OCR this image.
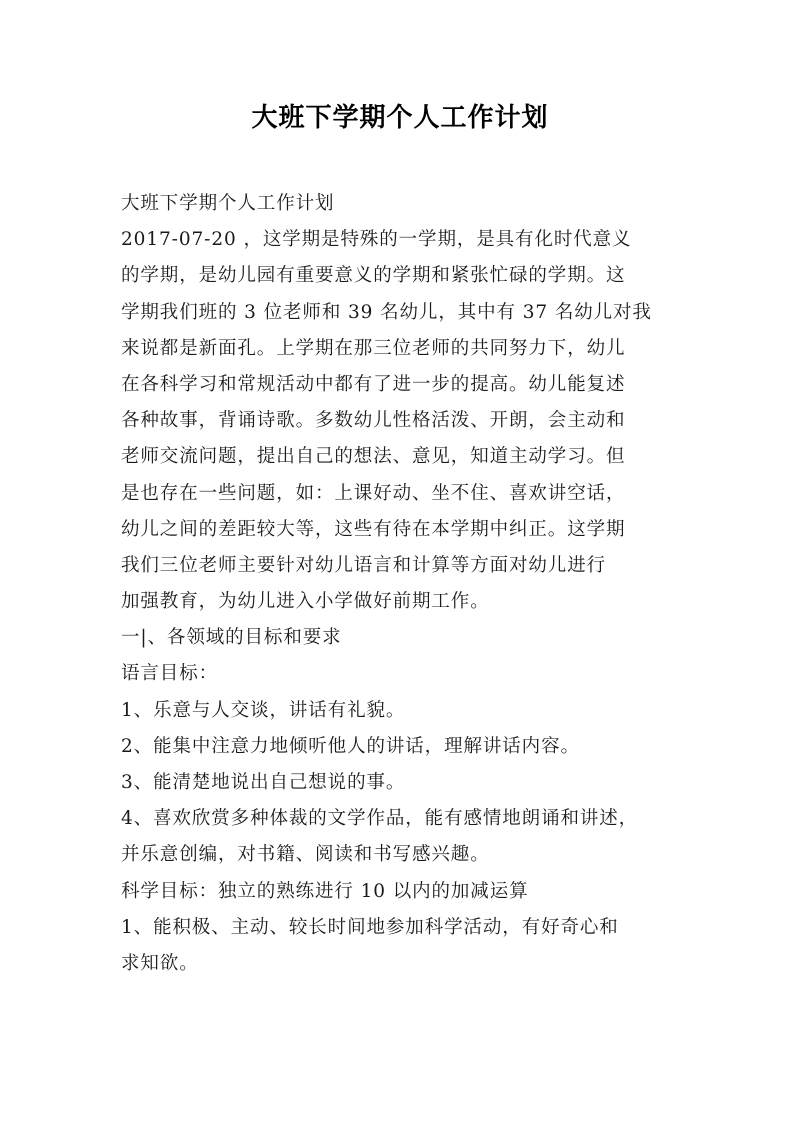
大班下学期个人工作计划

大班下学期个人工作计划

2017-07-20 ，这学期是特殊的一学期，是具有化时代意义

的学期，是幼儿园有重要意义的学期和紧张忙碌的学期。这

学期我们班的 3 位老师和 39 名幼儿，其中有 37 名幼儿对我

来说都是新面孔。上学期在那三位老师的共同努力下，幼儿

在各科学习和常规活动中都有了进一步的提高。幼儿能复述

各种故事，背诵诗歌。多数幼儿性格活泼、开朗，会主动和

老师交流问题，提出自己的想法、意见，知道主动学习。但

是也存在一些问题，如：上课好动、坐不住、喜欢讲空话，

幼儿之间的差距较大等，这些有待在本学期中纠正。这学期

我们三位老师主要针对幼儿语言和计算等方面对幼儿进行

加强教育，为幼儿进入小学做好前期工作。

一|、各领域的目标和要求

语言目标：

1、乐意与人交谈，讲话有礼貌。

2、能集中注意力地倾听他人的讲话，理解讲话内容。

3、能清楚地说出自己想说的事。

4、喜欢欣赏多种体裁的文学作品，能有感情地朗诵和讲述，

并乐意创编，对书籍、阅读和书写感兴趣。

科学目标：独立的熟练进行 10 以内的加减运算

1、能积极、主动、较长时间地参加科学活动，有好奇心和

求知欲。
